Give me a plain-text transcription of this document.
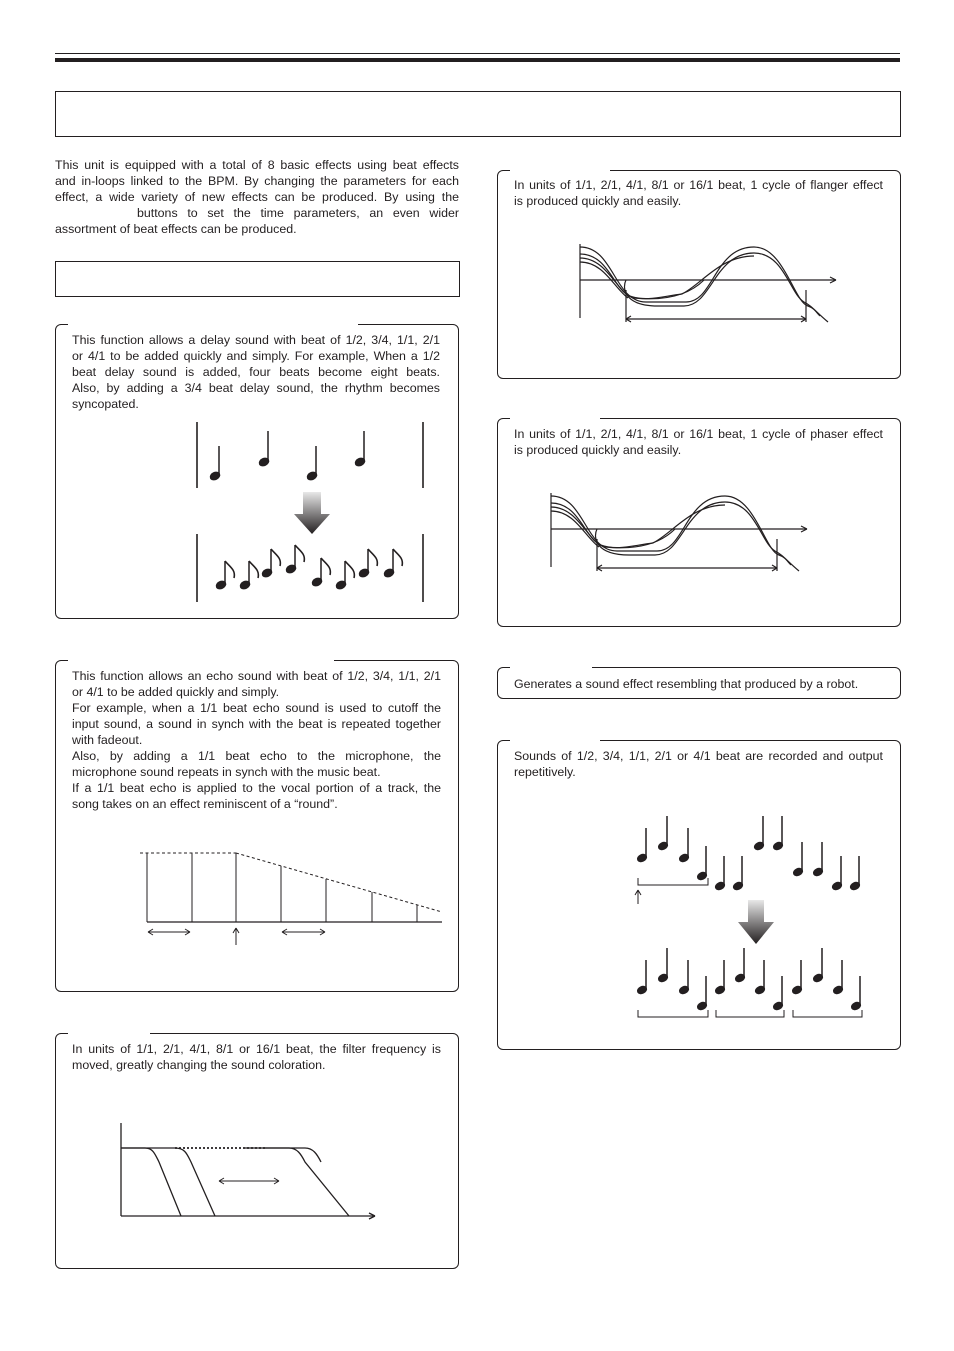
This unit is equipped with a total of 8 basic effects using beat effects
and in-loops linked to the BPM. By changing the parameters for each
effect, a wide variety of new effects can be produced. By using the
buttons to set the time parameters, an even wider
assortment of beat effects can be produced.
This function allows a delay sound with beat of 1/2, 3/4, 1/1, 2/1
or 4/1 to be added quickly and simply. For example, When a 1/2
beat delay sound is added, four beats become eight beats.
Also, by adding a 3/4 beat delay sound, the rhythm becomes
syncopated.
This function allows an echo sound with beat of 1/2, 3/4, 1/1, 2/1
or 4/1 to be added quickly and simply.
For example, when a 1/1 beat echo sound is used to cutoff the
input sound, a sound in synch with the beat is repeated together
with fadeout.
Also, by adding a 1/1 beat echo to the microphone, the
microphone sound repeats in synch with the music beat.
If a 1/1 beat echo is applied to the vocal portion of a track, the
song takes on an effect reminiscent of a “round”.
In units of 1/1, 2/1, 4/1, 8/1 or 16/1 beat, the filter frequency is
moved, greatly changing the sound coloration.
In units of 1/1, 2/1, 4/1, 8/1 or 16/1 beat, 1 cycle of flanger effect
is produced quickly and easily.
In units of 1/1, 2/1, 4/1, 8/1 or 16/1 beat, 1 cycle of phaser effect
is produced quickly and easily.
Generates a sound effect resembling that produced by a robot.
Sounds of 1/2, 3/4, 1/1, 2/1 or 4/1 beat are recorded and output
repetitively.
